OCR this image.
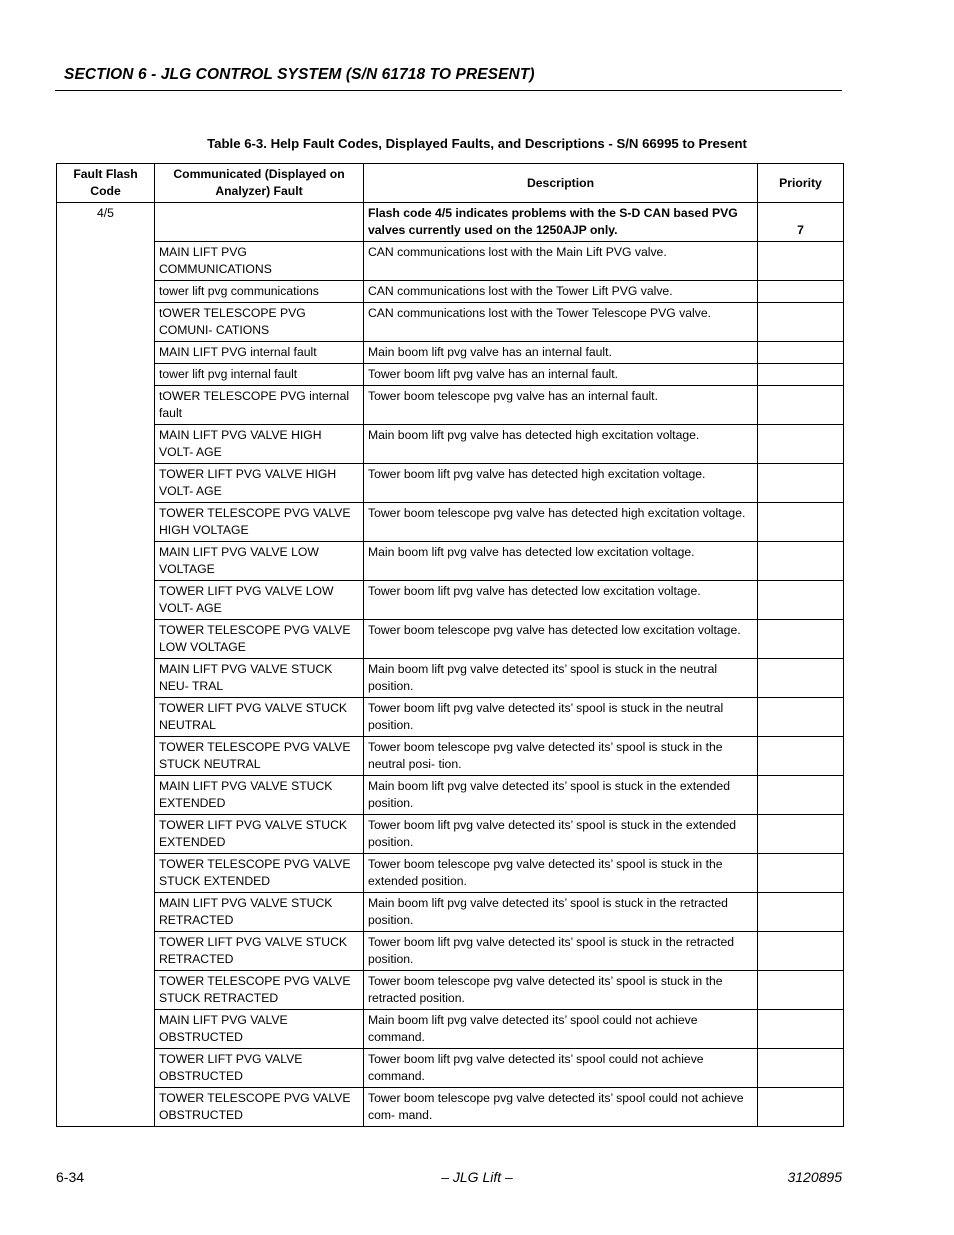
SECTION 6 - JLG CONTROL SYSTEM (S/N 61718 TO PRESENT)
Table 6-3. Help Fault Codes, Displayed Faults, and Descriptions - S/N 66995 to Present
Fault Flash Code	Communicated (Displayed on Analyzer) Fault	Description	Priority
4/5		Flash code 4/5 indicates problems with the S-D CAN based PVG valves currently used on the 1250AJP only.	7
	MAIN LIFT PVG COMMUNICATIONS	CAN communications lost with the Main Lift PVG valve.	
	tower lift pvg communications	CAN communications lost with the Tower Lift PVG valve.	
	tOWER TELESCOPE PVG COMUNI- CATIONS	CAN communications lost with the Tower Telescope PVG valve.	
	MAIN LIFT PVG internal fault	Main boom lift pvg valve has an internal fault.	
	tower lift pvg internal fault	Tower boom lift pvg valve has an internal fault.	
	tOWER TELESCOPE PVG internal fault	Tower boom telescope pvg valve has an internal fault.	
	MAIN LIFT PVG VALVE HIGH VOLT- AGE	Main boom lift pvg valve has detected high excitation voltage.	
	TOWER LIFT PVG VALVE HIGH VOLT- AGE	Tower boom lift pvg valve has detected high excitation voltage.	
	TOWER TELESCOPE PVG VALVE HIGH VOLTAGE	Tower boom telescope pvg valve has detected high excitation voltage.	
	MAIN LIFT PVG VALVE LOW VOLTAGE	Main boom lift pvg valve has detected low excitation voltage.	
	TOWER LIFT PVG VALVE LOW VOLT- AGE	Tower boom lift pvg valve has detected low excitation voltage.	
	TOWER TELESCOPE PVG VALVE LOW VOLTAGE	Tower boom telescope pvg valve has detected low excitation voltage.	
	MAIN LIFT PVG VALVE STUCK NEU- TRAL	Main boom lift pvg valve detected its’ spool is stuck in the neutral position.	
	TOWER LIFT PVG VALVE STUCK NEUTRAL	Tower boom lift pvg valve detected its’ spool is stuck in the neutral position.	
	TOWER TELESCOPE PVG VALVE STUCK NEUTRAL	Tower boom telescope pvg valve detected its’ spool is stuck in the neutral posi- tion.	
	MAIN LIFT PVG VALVE STUCK EXTENDED	Main boom lift pvg valve detected its’ spool is stuck in the extended position.	
	TOWER LIFT PVG VALVE STUCK EXTENDED	Tower boom lift pvg valve detected its’ spool is stuck in the extended position.	
	TOWER TELESCOPE PVG VALVE STUCK EXTENDED	Tower boom telescope pvg valve detected its’ spool is stuck in the extended position.	
	MAIN LIFT PVG VALVE STUCK RETRACTED	Main boom lift pvg valve detected its’ spool is stuck in the retracted position.	
	TOWER LIFT PVG VALVE STUCK RETRACTED	Tower boom lift pvg valve detected its’ spool is stuck in the retracted position.	
	TOWER TELESCOPE PVG VALVE STUCK RETRACTED	Tower boom telescope pvg valve detected its’ spool is stuck in the retracted position.	
	MAIN LIFT PVG VALVE OBSTRUCTED	Main boom lift pvg valve detected its’ spool could not achieve command.	
	TOWER LIFT PVG VALVE OBSTRUCTED	Tower boom lift pvg valve detected its’ spool could not achieve command.	
	TOWER TELESCOPE PVG VALVE OBSTRUCTED	Tower boom telescope pvg valve detected its’ spool could not achieve com- mand.	
6-34	– JLG Lift –	3120895
